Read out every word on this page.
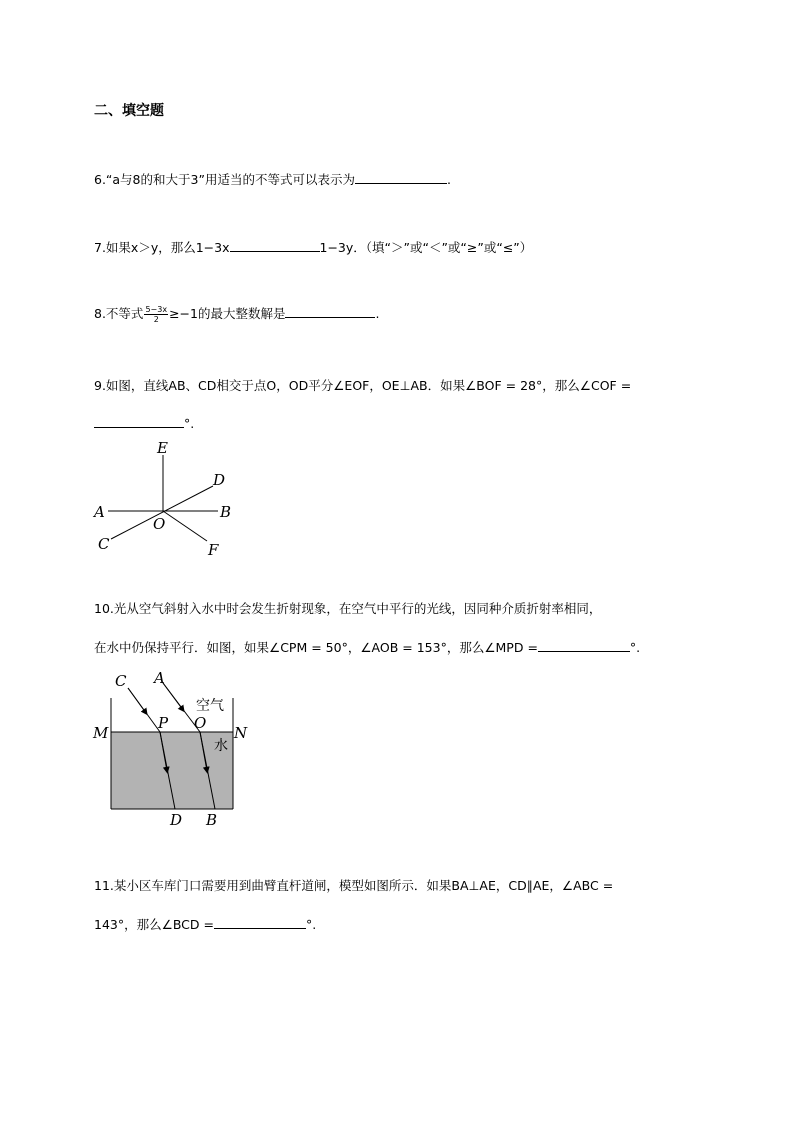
二、填空题
6.“a与8的和大于3”用适当的不等式可以表示为	.
7.如果x＞y，那么1−3x	1−3y．（填“＞”或“＜”或“≥”或“≤”）
8.不等式 $\frac{5-3x}{2} \ge-1$的最大整数解是	.
9.如图，直线AB、CD相交于点O，OD平分∠EOF，OE⊥AB．如果∠BOF = 28°，那么∠COF =
°.
E
D
A	B
O
C	F
10.光从空气斜射入水中时会发生折射现象，在空气中平行的光线，因同种介质折射率相同，
在水中仍保持平行．如图，如果∠CPM = 50°，∠AOB = 153°，那么∠MPD =	°.
C A
空气
M
P O
N
水
D B
11.某小区车库门口需要用到曲臂直杆道闸，模型如图所示．如果BA⊥AE，CD∥AE，∠ABC =
143°，那么∠BCD =	°.
